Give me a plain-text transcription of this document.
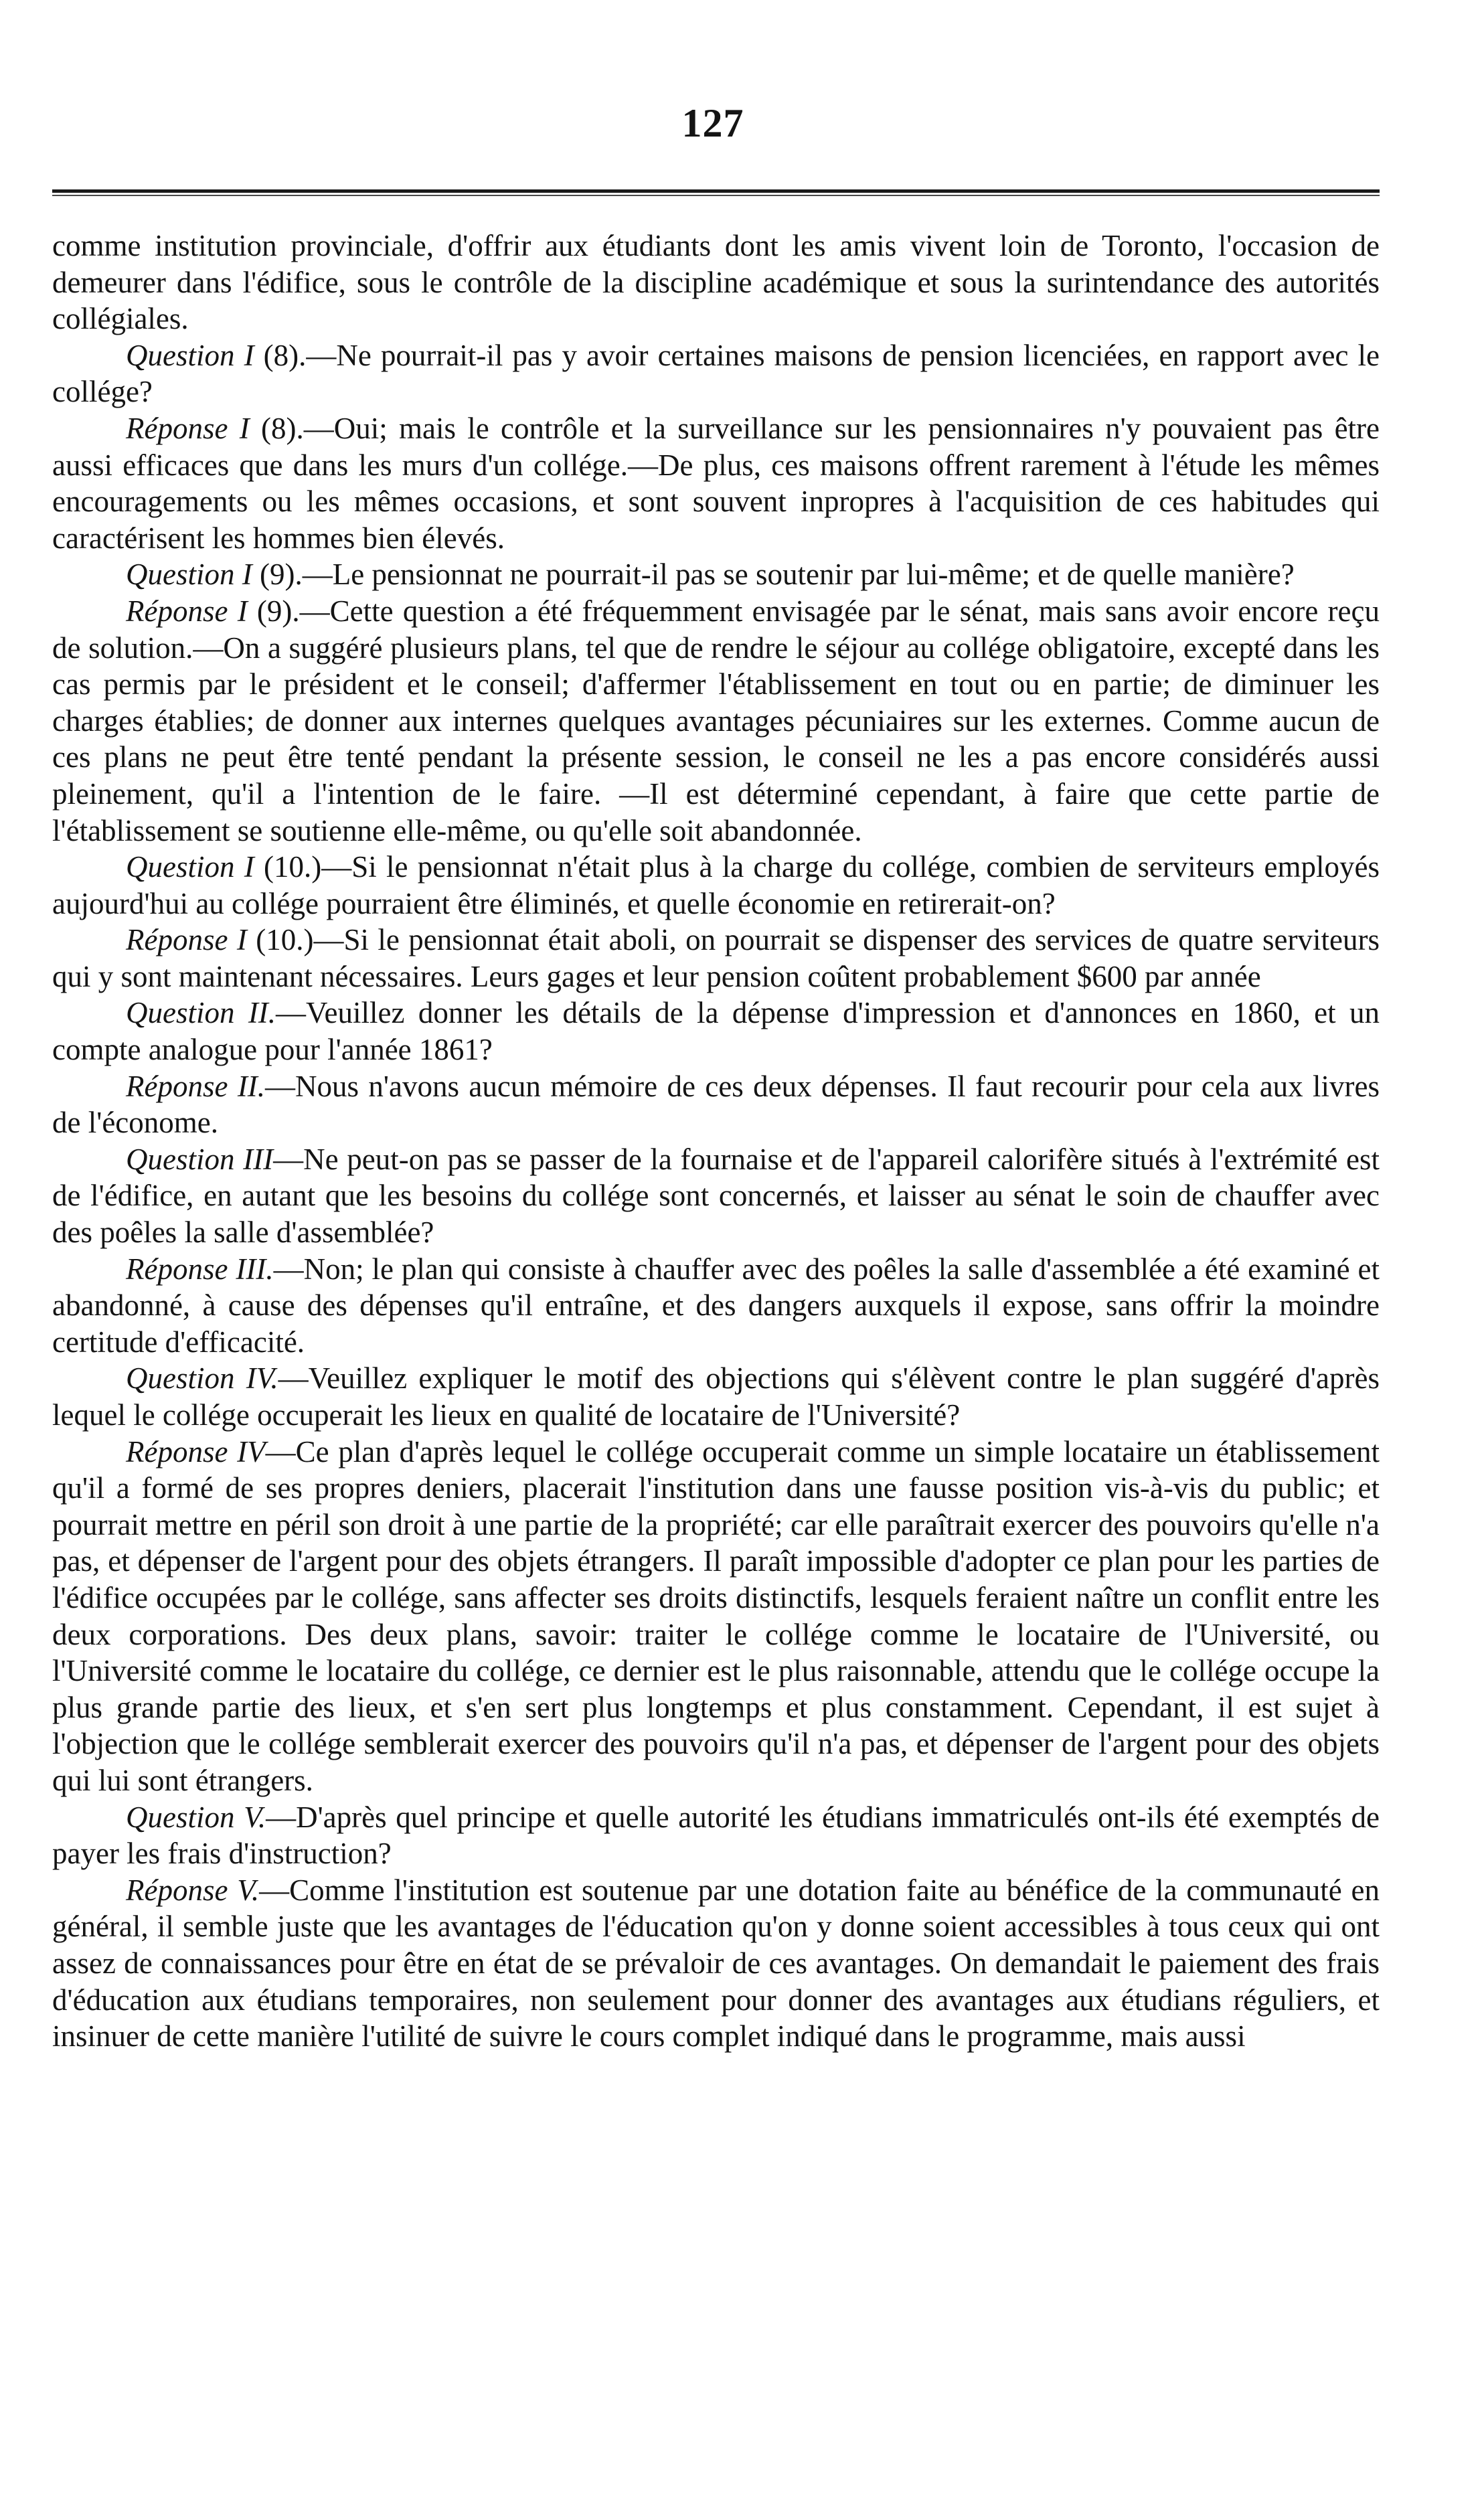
127

comme institution provinciale, d'offrir aux étudiants dont les amis vivent loin de Toronto, l'occasion de demeurer dans l'édifice, sous le contrôle de la discipline académique et sous la surintendance des autorités collégiales.

Question I (8).—Ne pourrait-il pas y avoir certaines maisons de pension licenciées, en rapport avec le collége?

Réponse I (8).—Oui; mais le contrôle et la surveillance sur les pensionnaires n'y pouvaient pas être aussi efficaces que dans les murs d'un collége.—De plus, ces maisons offrent rarement à l'étude les mêmes encouragements ou les mêmes occasions, et sont souvent inpropres à l'acquisition de ces habitudes qui caractérisent les hommes bien élevés.

Question I (9).—Le pensionnat ne pourrait-il pas se soutenir par lui-même; et de quelle manière?

Réponse I (9).—Cette question a été fréquemment envisagée par le sénat, mais sans avoir encore reçu de solution.—On a suggéré plusieurs plans, tel que de rendre le séjour au collége obligatoire, excepté dans les cas permis par le président et le conseil; d'affermer l'établissement en tout ou en partie; de diminuer les charges établies; de donner aux internes quelques avantages pécuniaires sur les externes. Comme aucun de ces plans ne peut être tenté pendant la présente session, le conseil ne les a pas encore considérés aussi pleinement, qu'il a l'intention de le faire. —Il est déterminé cependant, à faire que cette partie de l'établissement se soutienne elle-même, ou qu'elle soit abandonnée.

Question I (10.)—Si le pensionnat n'était plus à la charge du collége, combien de serviteurs employés aujourd'hui au collége pourraient être éliminés, et quelle économie en retirerait-on?

Réponse I (10.)—Si le pensionnat était aboli, on pourrait se dispenser des services de quatre serviteurs qui y sont maintenant nécessaires. Leurs gages et leur pension coûtent probablement $600 par année

Question II.—Veuillez donner les détails de la dépense d'impression et d'annonces en 1860, et un compte analogue pour l'année 1861?

Réponse II.—Nous n'avons aucun mémoire de ces deux dépenses. Il faut recourir pour cela aux livres de l'économe.

Question III—Ne peut-on pas se passer de la fournaise et de l'appareil calorifère situés à l'extrémité est de l'édifice, en autant que les besoins du collége sont concernés, et laisser au sénat le soin de chauffer avec des poêles la salle d'assemblée?

Réponse III.—Non; le plan qui consiste à chauffer avec des poêles la salle d'assemblée a été examiné et abandonné, à cause des dépenses qu'il entraîne, et des dangers auxquels il expose, sans offrir la moindre certitude d'efficacité.

Question IV.—Veuillez expliquer le motif des objections qui s'élèvent contre le plan suggéré d'après lequel le collége occuperait les lieux en qualité de locataire de l'Université?

Réponse IV—Ce plan d'après lequel le collége occuperait comme un simple locataire un établissement qu'il a formé de ses propres deniers, placerait l'institution dans une fausse position vis-à-vis du public; et pourrait mettre en péril son droit à une partie de la propriété; car elle paraîtrait exercer des pouvoirs qu'elle n'a pas, et dépenser de l'argent pour des objets étrangers. Il paraît impossible d'adopter ce plan pour les parties de l'édifice occupées par le collége, sans affecter ses droits distinctifs, lesquels feraient naître un conflit entre les deux corporations. Des deux plans, savoir: traiter le collége comme le locataire de l'Université, ou l'Université comme le locataire du collége, ce dernier est le plus raisonnable, attendu que le collége occupe la plus grande partie des lieux, et s'en sert plus longtemps et plus constamment. Cependant, il est sujet à l'objection que le collége semblerait exercer des pouvoirs qu'il n'a pas, et dépenser de l'argent pour des objets qui lui sont étrangers.

Question V.—D'après quel principe et quelle autorité les étudians immatriculés ont-ils été exemptés de payer les frais d'instruction?

Réponse V.—Comme l'institution est soutenue par une dotation faite au bénéfice de la communauté en général, il semble juste que les avantages de l'éducation qu'on y donne soient accessibles à tous ceux qui ont assez de connaissances pour être en état de se prévaloir de ces avantages. On demandait le paiement des frais d'éducation aux étudians temporaires, non seulement pour donner des avantages aux étudians réguliers, et insinuer de cette manière l'utilité de suivre le cours complet indiqué dans le programme, mais aussi
